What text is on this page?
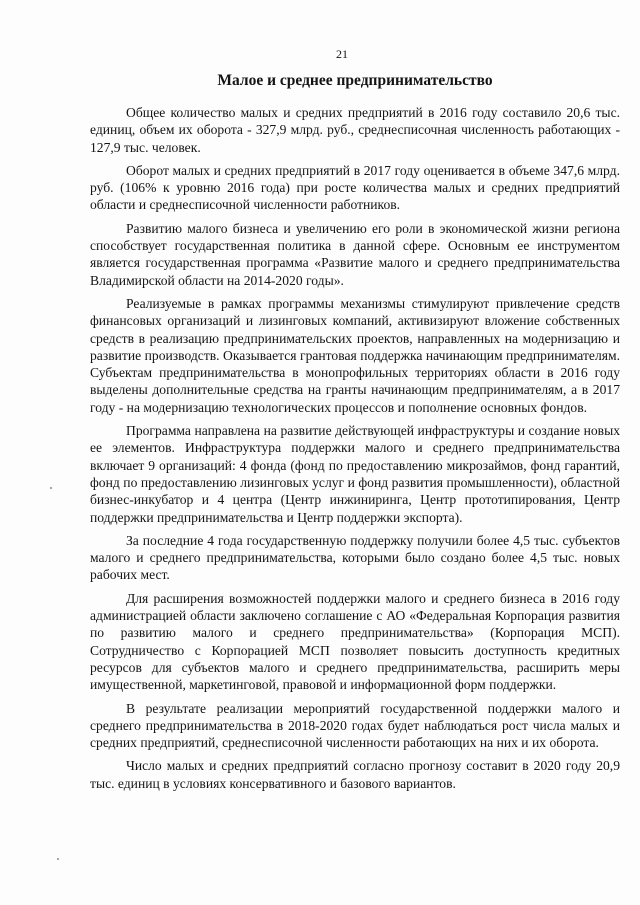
21
Малое и среднее предпринимательство

Общее количество малых и средних предприятий в 2016 году составило 20,6 тыс. единиц, объем их оборота - 327,9 млрд. руб., среднесписочная численность работающих - 127,9 тыс. человек.

Оборот малых и средних предприятий в 2017 году оценивается в объеме 347,6 млрд. руб. (106% к уровню 2016 года) при росте количества малых и средних предприятий области и среднесписочной численности работников.

Развитию малого бизнеса и увеличению его роли в экономической жизни региона способствует государственная политика в данной сфере. Основным ее инструментом является государственная программа «Развитие малого и среднего предпринимательства Владимирской области на 2014-2020 годы».

Реализуемые в рамках программы механизмы стимулируют привлечение средств финансовых организаций и лизинговых компаний, активизируют вложение собственных средств в реализацию предпринимательских проектов, направленных на модернизацию и развитие производств. Оказывается грантовая поддержка начинающим предпринимателям. Субъектам предпринимательства в монопрофильных территориях области в 2016 году выделены дополнительные средства на гранты начинающим предпринимателям, а в 2017 году - на модернизацию технологических процессов и пополнение основных фондов.

Программа направлена на развитие действующей инфраструктуры и создание новых ее элементов. Инфраструктура поддержки малого и среднего предпринимательства включает 9 организаций: 4 фонда (фонд по предоставлению микрозаймов, фонд гарантий, фонд по предоставлению лизинговых услуг и фонд развития промышленности), областной бизнес-инкубатор и 4 центра (Центр инжиниринга, Центр прототипирования, Центр поддержки предпринимательства и Центр поддержки экспорта).

За последние 4 года государственную поддержку получили более 4,5 тыс. субъектов малого и среднего предпринимательства, которыми было создано более 4,5 тыс. новых рабочих мест.

Для расширения возможностей поддержки малого и среднего бизнеса в 2016 году администрацией области заключено соглашение с АО «Федеральная Корпорация развития по развитию малого и среднего предпринимательства» (Корпорация МСП). Сотрудничество с Корпорацией МСП позволяет повысить доступность кредитных ресурсов для субъектов малого и среднего предпринимательства, расширить меры имущественной, маркетинговой, правовой и информационной форм поддержки.

В результате реализации мероприятий государственной поддержки малого и среднего предпринимательства в 2018-2020 годах будет наблюдаться рост числа малых и средних предприятий, среднесписочной численности работающих на них и их оборота.

Число малых и средних предприятий согласно прогнозу составит в 2020 году 20,9 тыс. единиц в условиях консервативного и базового вариантов.
